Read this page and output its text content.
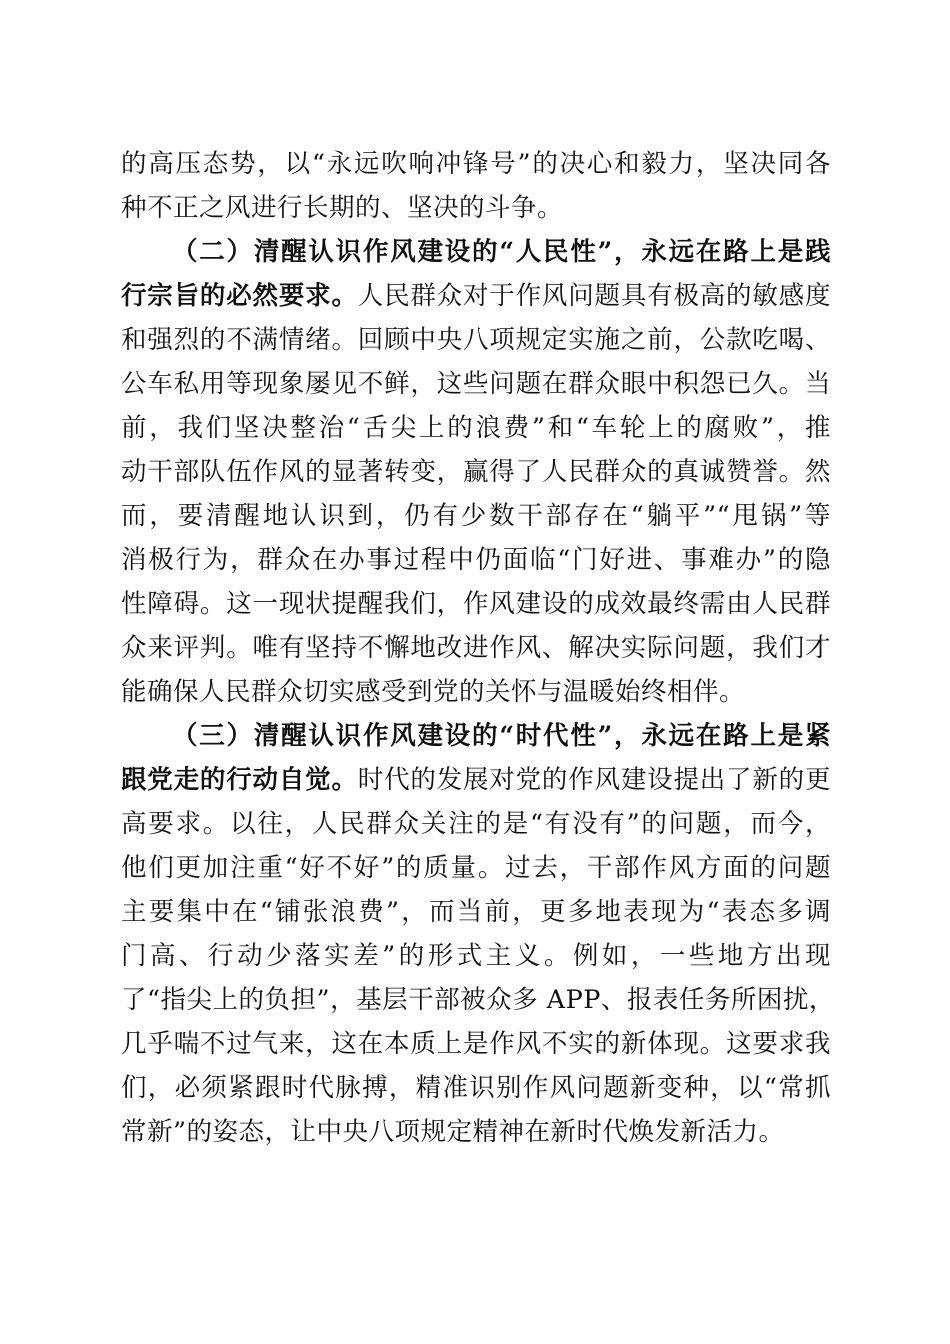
的高压态势，以“永远吹响冲锋号”的决心和毅力，坚决同各
种不正之风进行长期的、坚决的斗争。
（二）清醒认识作风建设的“人民性”，永远在路上是践
行宗旨的必然要求。人民群众对于作风问题具有极高的敏感度
和强烈的不满情绪。回顾中央八项规定实施之前，公款吃喝、
公车私用等现象屡见不鲜，这些问题在群众眼中积怨已久。当
前，我们坚决整治“舌尖上的浪费”和“车轮上的腐败”，推
动干部队伍作风的显著转变，赢得了人民群众的真诚赞誉。然
而，要清醒地认识到，仍有少数干部存在“躺平”“甩锅”等
消极行为，群众在办事过程中仍面临“门好进、事难办”的隐
性障碍。这一现状提醒我们，作风建设的成效最终需由人民群
众来评判。唯有坚持不懈地改进作风、解决实际问题，我们才
能确保人民群众切实感受到党的关怀与温暖始终相伴。
（三）清醒认识作风建设的“时代性”，永远在路上是紧
跟党走的行动自觉。时代的发展对党的作风建设提出了新的更
高要求。以往，人民群众关注的是“有没有”的问题，而今，
他们更加注重“好不好”的质量。过去，干部作风方面的问题
主要集中在“铺张浪费”，而当前，更多地表现为“表态多调
门高、行动少落实差”的形式主义。例如，一些地方出现
了“指尖上的负担”，基层干部被众多 APP、报表任务所困扰，
几乎喘不过气来，这在本质上是作风不实的新体现。这要求我
们，必须紧跟时代脉搏，精准识别作风问题新变种，以“常抓
常新”的姿态，让中央八项规定精神在新时代焕发新活力。
